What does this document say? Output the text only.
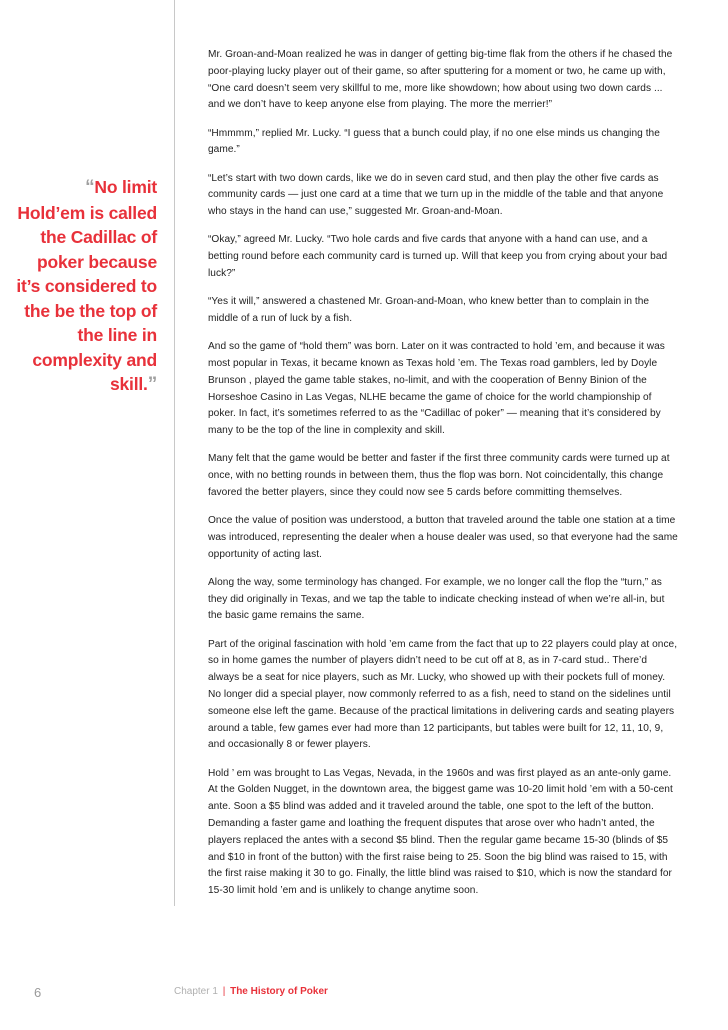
“No limit Hold’em is called the Cadillac of poker because it’s considered to the be the top of the line in complexity and skill.”

Mr. Groan-and-Moan realized he was in danger of getting big-time flak from the others if he chased the poor-playing lucky player out of their game, so after sputtering for a moment or two, he came up with, “One card doesn’t seem very skillful to me, more like showdown; how about using two down cards ... and we don’t have to keep anyone else from playing. The more the merrier!”

“Hmmmm,” replied Mr. Lucky. “I guess that a bunch could play, if no one else minds us changing the game.”

“Let’s start with two down cards, like we do in seven card stud, and then play the other five cards as community cards — just one card at a time that we turn up in the middle of the table and that anyone who stays in the hand can use,” suggested Mr. Groan-and-Moan.

“Okay,” agreed Mr. Lucky. “Two hole cards and five cards that anyone with a hand can use, and a betting round before each community card is turned up. Will that keep you from crying about your bad luck?”

“Yes it will,” answered a chastened Mr. Groan-and-Moan, who knew better than to complain in the middle of a run of luck by a fish.

And so the game of “hold them” was born. Later on it was contracted to hold ’em, and because it was most popular in Texas, it became known as Texas hold ’em. The Texas road gamblers, led by Doyle Brunson , played the game table stakes, no-limit, and with the cooperation of Benny Binion of the Horseshoe Casino in Las Vegas, NLHE became the game of choice for the world championship of poker. In fact, it’s sometimes referred to as the “Cadillac of poker” — meaning that it’s considered by many to be the top of the line in complexity and skill.

Many felt that the game would be better and faster if the first three community cards were turned up at once, with no betting rounds in between them, thus the flop was born. Not coincidentally, this change favored the better players, since they could now see 5 cards before committing themselves.

Once the value of position was understood, a button that traveled around the table one station at a time was introduced, representing the dealer when a house dealer was used, so that everyone had the same opportunity of acting last.

Along the way, some terminology has changed. For example, we no longer call the flop the “turn,” as they did originally in Texas, and we tap the table to indicate checking instead of when we’re all-in, but the basic game remains the same.

Part of the original fascination with hold ’em came from the fact that up to 22 players could play at once, so in home games the number of players didn’t need to be cut off at 8, as in 7-card stud.. There’d always be a seat for nice players, such as Mr. Lucky, who showed up with their pockets full of money. No longer did a special player, now commonly referred to as a fish, need to stand on the sidelines until someone else left the game. Because of the practical limitations in delivering cards and seating players around a table, few games ever had more than 12 participants, but tables were built for 12, 11, 10, 9, and occasionally 8 or fewer players.

Hold ’ em was brought to Las Vegas, Nevada, in the 1960s and was first played as an ante-only game. At the Golden Nugget, in the downtown area, the biggest game was 10-20 limit hold ’em with a 50-cent ante. Soon a $5 blind was added and it traveled around the table, one spot to the left of the button. Demanding a faster game and loathing the frequent disputes that arose over who hadn’t anted, the players replaced the antes with a second $5 blind. Then the regular game became 15-30 (blinds of $5 and $10 in front of the button) with the first raise being to 25. Soon the big blind was raised to 15, with the first raise making it 30 to go. Finally, the little blind was raised to $10, which is now the standard for 15-30 limit hold ’em and is unlikely to change anytime soon.

6	Chapter 1 | The History of Poker
